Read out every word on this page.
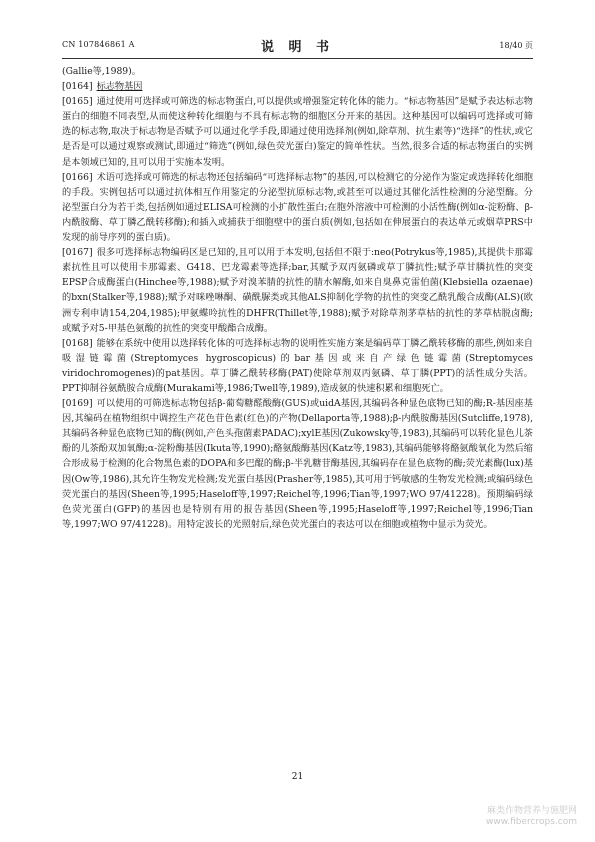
CN 107846861 A	说 明 书	18/40 页

(Gallie等,1989)。

[0164] 标志物基因

[0165] 通过使用可选择或可筛选的标志物蛋白,可以提供或增强鉴定转化体的能力。“标志物基因”是赋予表达标志物蛋白的细胞不同表型,从而使这种转化细胞与不具有标志物的细胞区分开来的基因。这种基因可以编码可选择或可筛选的标志物,取决于标志物是否赋予可以通过化学手段,即通过使用选择剂(例如,除草剂、抗生素等)“选择”的性状,或它是否是可以通过观察或测试,即通过“筛选”(例如,绿色荧光蛋白)鉴定的简单性状。当然,很多合适的标志物蛋白的实例是本领域已知的,且可以用于实施本发明。

[0166] 术语可选择或可筛选的标志物还包括编码“可选择标志物”的基因,可以检测它的分泌作为鉴定或选择转化细胞的手段。实例包括可以通过抗体相互作用鉴定的分泌型抗原标志物,或甚至可以通过其催化活性检测的分泌型酶。分泌型蛋白分为若干类,包括例如通过ELISA可检测的小扩散性蛋白;在胞外溶液中可检测的小活性酶(例如α-淀粉酶、β-内酰胺酶、草丁膦乙酰转移酶);和插入或捕获于细胞壁中的蛋白质(例如,包括如在伸展蛋白的表达单元或烟草PRS中发现的前导序列的蛋白质)。

[0167] 很多可选择标志物编码区是已知的,且可以用于本发明,包括但不限于:neo(Potrykus等,1985),其提供卡那霉素抗性且可以使用卡那霉素、G418、巴龙霉素等选择;bar,其赋予双丙氨磷或草丁膦抗性;赋予草甘膦抗性的突变EPSP合成酶蛋白(Hinchee等,1988);赋予对溴苯腈的抗性的腈水解酶,如来自臭鼻克雷伯菌(Klebsiella ozaenae)的bxn(Stalker等,1988);赋予对咪唑啉酮、磺酰脲类或其他ALS抑制化学物的抗性的突变乙酰乳酸合成酶(ALS)(欧洲专利申请154,204,1985);甲氨蝶呤抗性的DHFR(Thillet等,1988);赋予对除草剂茅草枯的抗性的茅草枯脱卤酶;或赋予对5-甲基色氨酸的抗性的突变甲酸酯合成酶。

[0168] 能够在系统中使用以选择转化体的可选择标志物的说明性实施方案是编码草丁膦乙酰转移酶的那些,例如来自吸湿链霉菌(Streptomyces hygroscopicus)的bar基因或来自产绿色链霉菌(Streptomyces viridochromogenes)的pat基因。草丁膦乙酰转移酶(PAT)使除草剂双丙氨磷、草丁膦(PPT)的活性成分失活。PPT抑制谷氨酰胺合成酶(Murakami等,1986;Twell等,1989),造成氨的快速积累和细胞死亡。

[0169] 可以使用的可筛选标志物包括β-葡萄糖醛酸酶(GUS)或uidA基因,其编码各种显色底物已知的酶;R-基因座基因,其编码在植物组织中调控生产花色苷色素(红色)的产物(Dellaporta等,1988);β-内酰胺酶基因(Sutcliffe,1978),其编码各种显色底物已知的酶(例如,产色头孢菌素PADAC);xylE基因(Zukowsky等,1983),其编码可以转化显色儿茶酚的儿茶酚双加氧酶;α-淀粉酶基因(Ikuta等,1990);酪氨酸酶基因(Katz等,1983),其编码能够将酪氨酸氧化为然后缩合形成易于检测的化合物黑色素的DOPA和多巴醌的酶;β-半乳糖苷酶基因,其编码存在显色底物的酶;荧光素酶(lux)基因(Ow等,1986),其允许生物发光检测;发光蛋白基因(Prasher等,1985),其可用于钙敏感的生物发光检测;或编码绿色荧光蛋白的基因(Sheen等,1995;Haseloff等,1997;Reichel等,1996;Tian等,1997;WO 97/41228)。预期编码绿色荧光蛋白(GFP)的基因也是特别有用的报告基因(Sheen等,1995;Haseloff等,1997;Reichel等,1996;Tian等,1997;WO 97/41228)。用特定波长的光照射后,绿色荧光蛋白的表达可以在细胞或植物中显示为荧光。

21
麻类作物营养与施肥网
www.fibercrops.com
